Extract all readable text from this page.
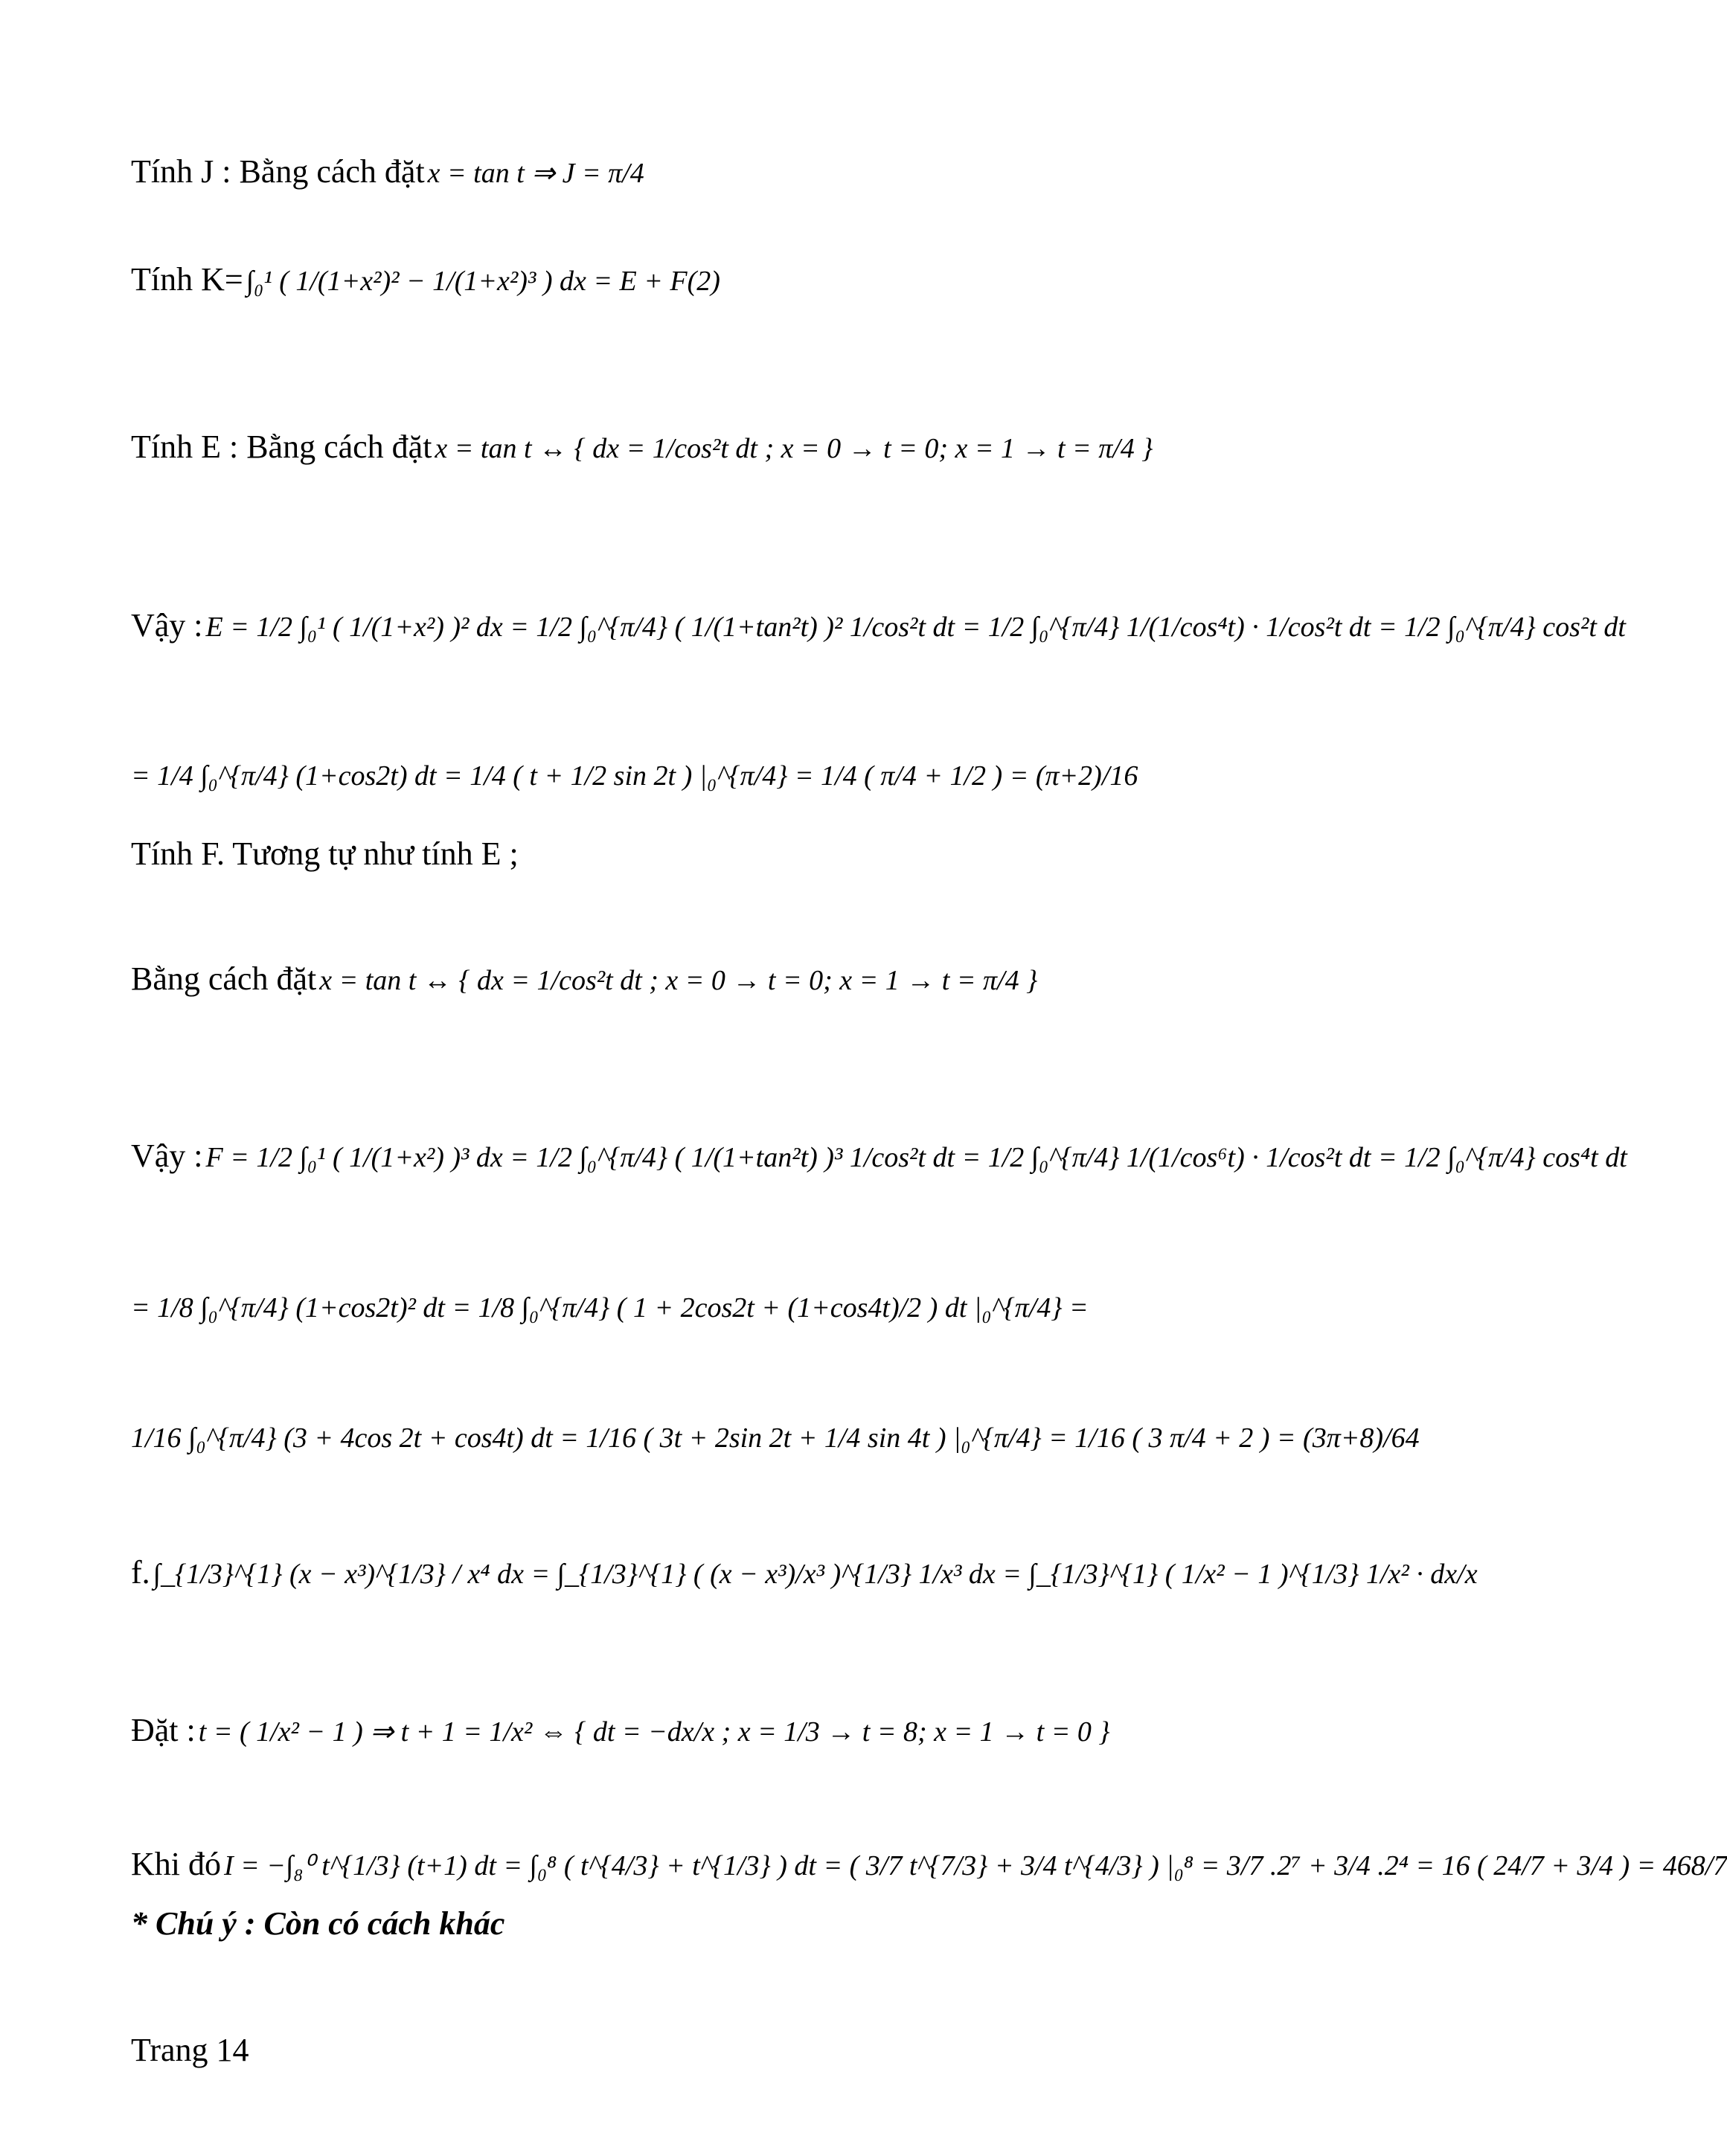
Tính J : Bằng cách đặt x = tan t ⇒ J = π/4
Tính K= ∫₀¹ ( 1/(1+x²)² − 1/(1+x²)³ ) dx = E + F(2)
Tính E : Bằng cách đặt x = tan t ↔ { dx = 1/cos²t dt ; x = 0 → t = 0; x = 1 → t = π/4 }
Vậy : E = 1/2 ∫₀¹ ( 1/(1+x²) )² dx = 1/2 ∫₀^{π/4} ( 1/(1+tan²t) )² 1/cos²t dt = 1/2 ∫₀^{π/4} 1/(1/cos⁴t) · 1/cos²t dt = 1/2 ∫₀^{π/4} cos²t dt
= 1/4 ∫₀^{π/4} (1+cos2t) dt = 1/4 ( t + 1/2 sin 2t ) |₀^{π/4} = 1/4 ( π/4 + 1/2 ) = (π+2)/16
Tính F. Tương tự như tính E ;
Bằng cách đặt x = tan t ↔ { dx = 1/cos²t dt ; x = 0 → t = 0; x = 1 → t = π/4 }
Vậy : F = 1/2 ∫₀¹ ( 1/(1+x²) )³ dx = 1/2 ∫₀^{π/4} ( 1/(1+tan²t) )³ 1/cos²t dt = 1/2 ∫₀^{π/4} 1/(1/cos⁶t) · 1/cos²t dt = 1/2 ∫₀^{π/4} cos⁴t dt
= 1/8 ∫₀^{π/4} (1+cos2t)² dt = 1/8 ∫₀^{π/4} ( 1 + 2cos2t + (1+cos4t)/2 ) dt |₀^{π/4} =
1/16 ∫₀^{π/4} (3 + 4cos 2t + cos4t) dt = 1/16 ( 3t + 2sin 2t + 1/4 sin 4t ) |₀^{π/4} = 1/16 ( 3 π/4 + 2 ) = (3π+8)/64
f. ∫_{1/3}^{1} (x − x³)^{1/3} / x⁴ dx = ∫_{1/3}^{1} ( (x − x³)/x³ )^{1/3} 1/x³ dx = ∫_{1/3}^{1} ( 1/x² − 1 )^{1/3} 1/x² · dx/x
Đặt : t = ( 1/x² − 1 ) ⇒ t + 1 = 1/x² ⇔ { dt = −dx/x ; x = 1/3 → t = 8; x = 1 → t = 0 }
Khi đó I = −∫₈⁰ t^{1/3} (t+1) dt = ∫₀⁸ ( t^{4/3} + t^{1/3} ) dt = ( 3/7 t^{7/3} + 3/4 t^{4/3} ) |₀⁸ = 3/7 .2⁷ + 3/4 .2⁴ = 16 ( 24/7 + 3/4 ) = 468/7
* Chú ý : Còn có cách khác
Trang 14
